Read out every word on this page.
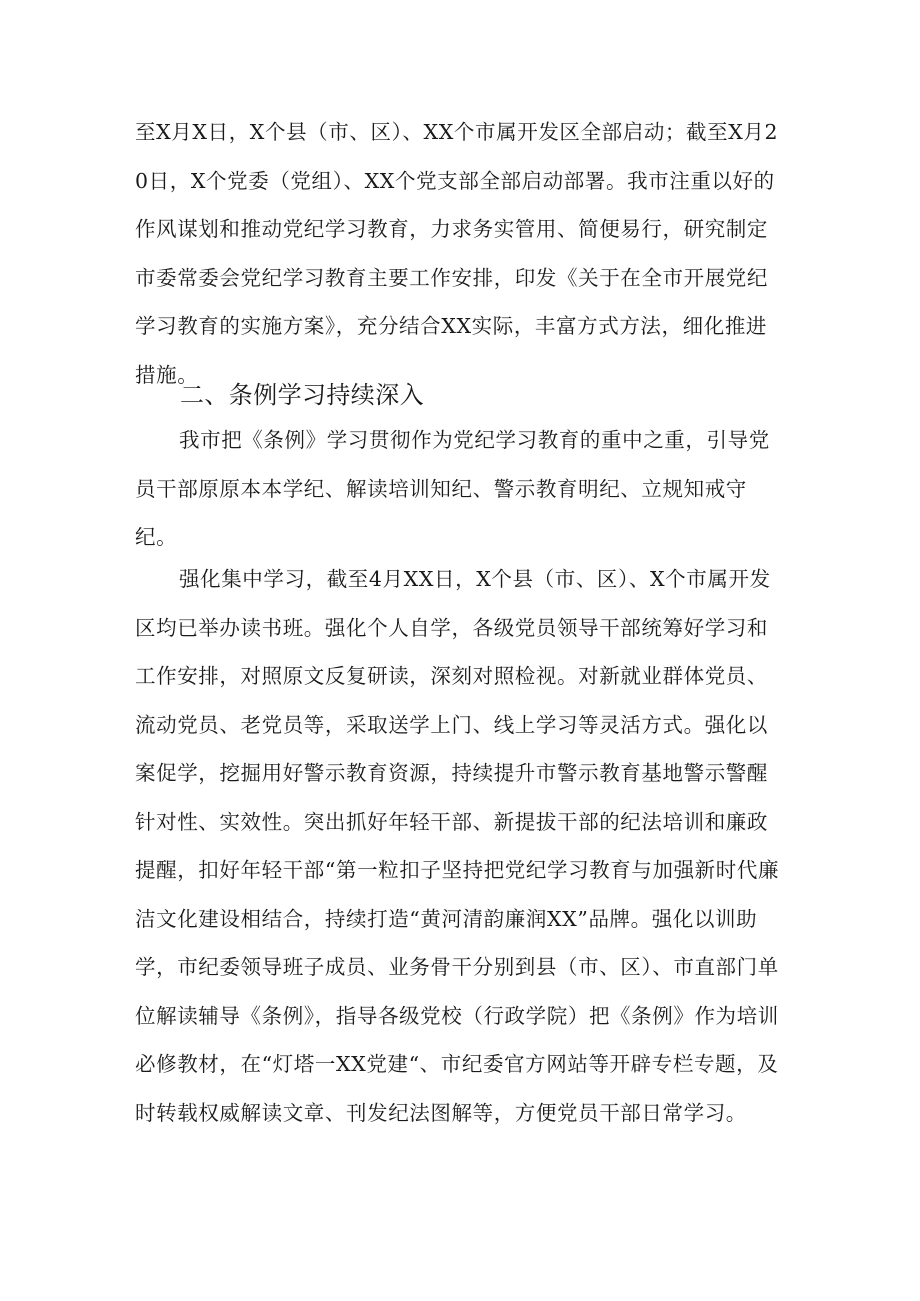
至X月X日，X个县（市、区）、XX个市属开发区全部启动；截至X月20日，X个党委（党组）、XX个党支部全部启动部署。我市注重以好的作风谋划和推动党纪学习教育，力求务实管用、简便易行，研究制定市委常委会党纪学习教育主要工作安排，印发《关于在全市开展党纪学习教育的实施方案》，充分结合XX实际，丰富方式方法，细化推进措施。

二、条例学习持续深入

我市把《条例》学习贯彻作为党纪学习教育的重中之重，引导党员干部原原本本学纪、解读培训知纪、警示教育明纪、立规知戒守纪。

强化集中学习，截至4月XX日，X个县（市、区）、X个市属开发区均已举办读书班。强化个人自学，各级党员领导干部统筹好学习和工作安排，对照原文反复研读，深刻对照检视。对新就业群体党员、流动党员、老党员等，采取送学上门、线上学习等灵活方式。强化以案促学，挖掘用好警示教育资源，持续提升市警示教育基地警示警醒针对性、实效性。突出抓好年轻干部、新提拔干部的纪法培训和廉政提醒，扣好年轻干部“第一粒扣子坚持把党纪学习教育与加强新时代廉洁文化建设相结合，持续打造“黄河清韵廉润XX”品牌。强化以训助学，市纪委领导班子成员、业务骨干分别到县（市、区）、市直部门单位解读辅导《条例》，指导各级党校（行政学院）把《条例》作为培训必修教材，在“灯塔一XX党建“、市纪委官方网站等开辟专栏专题，及时转载权威解读文章、刊发纪法图解等，方便党员干部日常学习。
